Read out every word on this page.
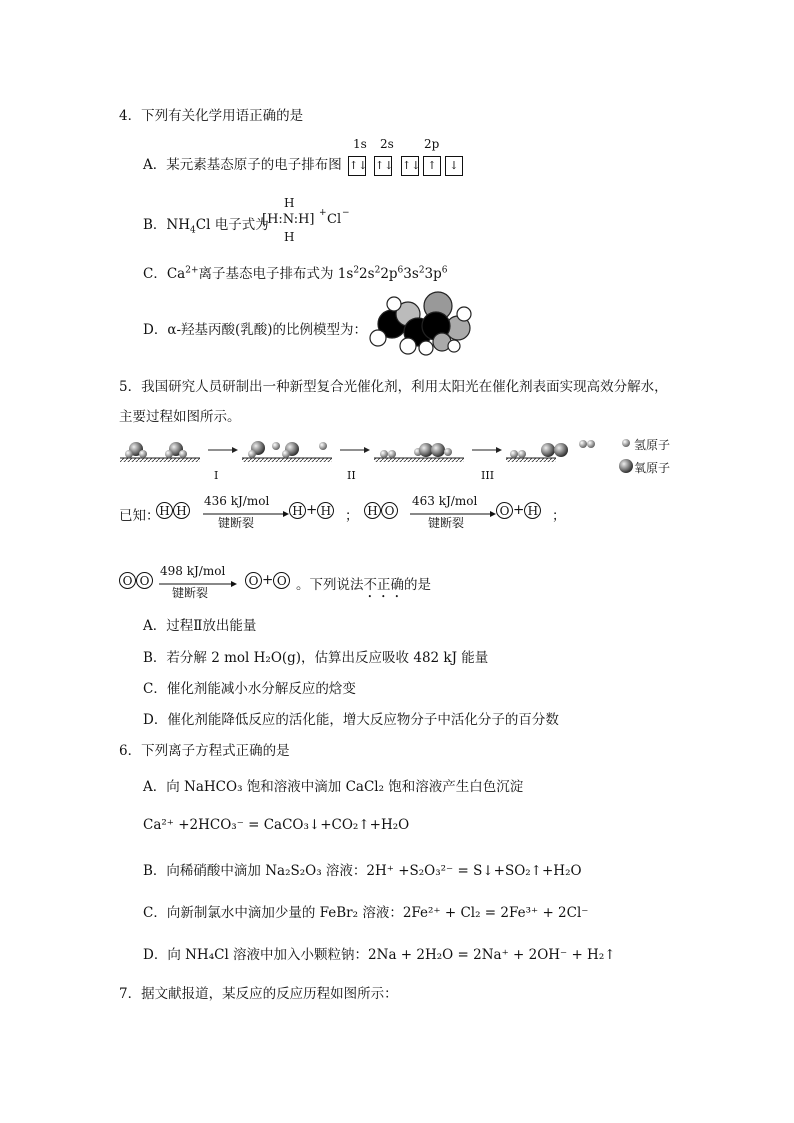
4．下列有关化学用语正确的是
A．某元素基态原子的电子排布图
1s 2s	2p
↑↓ ↑↓ ↑↓ ↑	↓
B．$NH_4Cl$ 电子式为
H
[H:N:H] + Cl −
H
C．$Ca^{2+}$离子基态电子排布式为 $1s^22s^22p^63s^23p^6$
D．α-羟基丙酸(乳酸)的比例模型为：
5．我国研究人员研制出一种新型复合光催化剂，利用太阳光在催化剂表面实现高效分解水，
主要过程如图所示。
I	II	III
氢原子
氧原子
已知： H H
436 kJ/mol
键断裂
H + H ； H O
463 kJ/mol
键断裂
O + H ；
O O
498 kJ/mol
键断裂
O + O 。下列说法不正确的是
A．过程Ⅱ放出能量
B．若分解 2 mol H₂O(g)，估算出反应吸收 482 kJ 能量
C．催化剂能减小水分解反应的焓变
D．催化剂能降低反应的活化能，增大反应物分子中活化分子的百分数
6．下列离子方程式正确的是
A．向 NaHCO₃ 饱和溶液中滴加 CaCl₂ 饱和溶液产生白色沉淀
Ca²⁺ +2HCO₃⁻ = CaCO₃↓+CO₂↑+H₂O
B．向稀硝酸中滴加 Na₂S₂O₃ 溶液：2H⁺ +S₂O₃²⁻ = S↓+SO₂↑+H₂O
C．向新制氯水中滴加少量的 FeBr₂ 溶液：2Fe²⁺ + Cl₂ = 2Fe³⁺ + 2Cl⁻
D．向 NH₄Cl 溶液中加入小颗粒钠：2Na + 2H₂O = 2Na⁺ + 2OH⁻ + H₂↑
7．据文献报道，某反应的反应历程如图所示：
